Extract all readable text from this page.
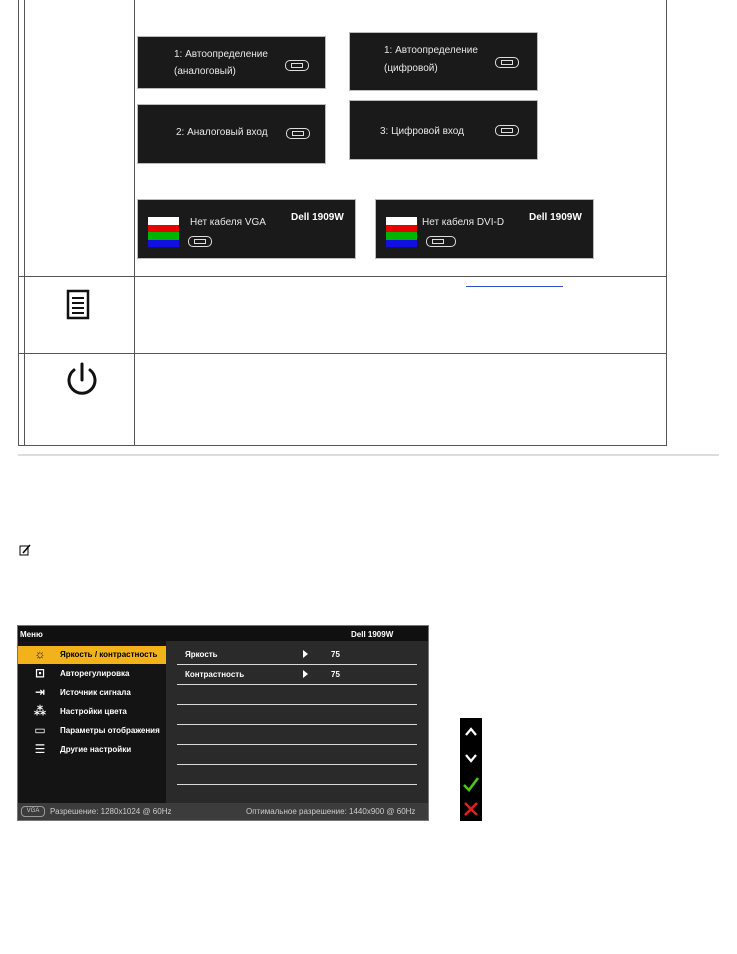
1: Автоопределение
(аналоговый)
1: Автоопределение
(цифровой)
2: Аналоговый вход	3: Цифровой вход
Нет кабеля VGA	Dell 1909W	Нет кабеля DVI-D Dell 1909W
Меню	Dell 1909W
☼	Яркость / контрастность
⊡	Авторегулировка
⇥	Источник сигнала
⁂ Настройки цвета
▭ Параметры отображения
☰	Другие настройки
Яркость	75
Контрастность	75
VGA	Разрешение: 1280x1024 @ 60Hz	Оптимальное разрешение: 1440x900 @ 60Hz
